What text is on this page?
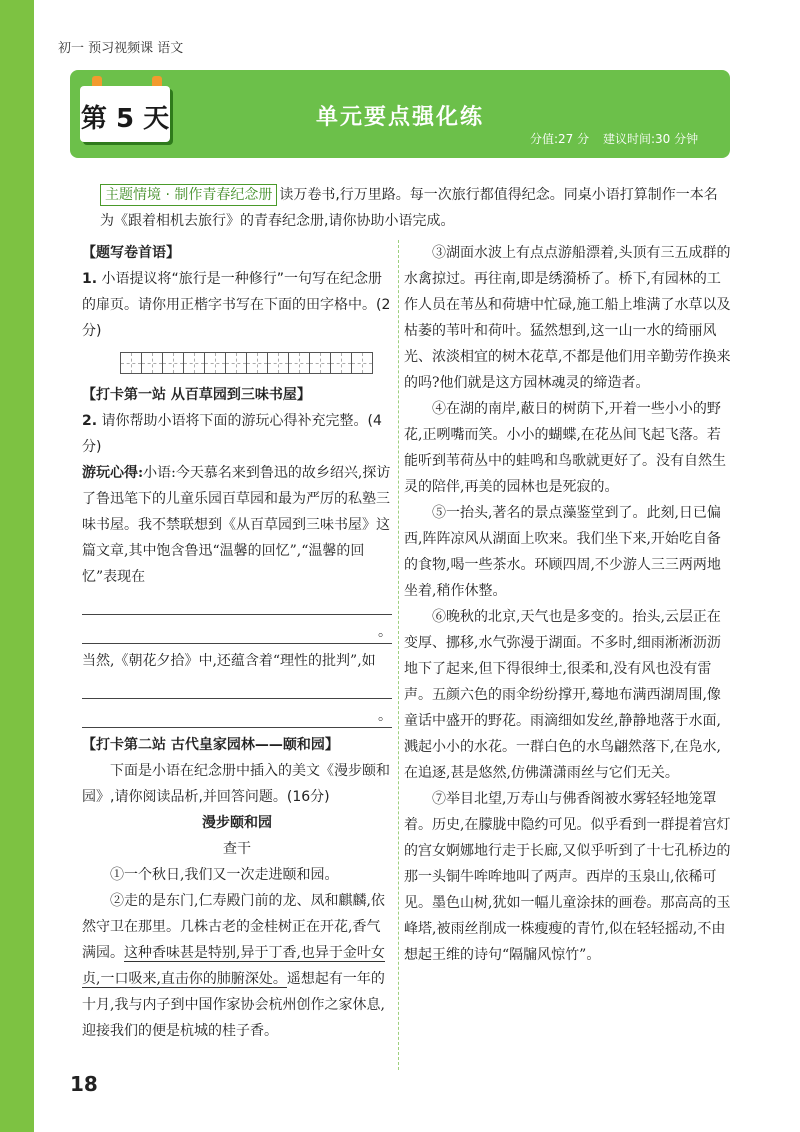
初一 预习视频课 语文
第 5 天	单元要点强化练
分值:27 分 建议时间:30 分钟
主题情境 · 制作青春纪念册 读万卷书,行万里路。每一次旅行都值得纪念。同桌小语打算制作一本名为《跟着相机去旅行》的青春纪念册,请你协助小语完成。

【题写卷首语】

1. 小语提议将“旅行是一种修行”一句写在纪念册的扉页。请你用正楷字书写在下面的田字格中。(2分)

【打卡第一站 从百草园到三味书屋】

2. 请你帮助小语将下面的游玩心得补充完整。(4分)

游玩心得:小语:今天慕名来到鲁迅的故乡绍兴,探访了鲁迅笔下的儿童乐园百草园和最为严厉的私塾三味书屋。我不禁联想到《从百草园到三味书屋》这篇文章,其中饱含鲁迅“温馨的回忆”,“温馨的回忆”表现在

。

当然,《朝花夕拾》中,还蕴含着“理性的批判”,如

。

【打卡第二站 古代皇家园林——颐和园】

下面是小语在纪念册中插入的美文《漫步颐和园》,请你阅读品析,并回答问题。(16分)

漫步颐和园

查干

①一个秋日,我们又一次走进颐和园。

②走的是东门,仁寿殿门前的龙、凤和麒麟,依然守卫在那里。几株古老的金桂树正在开花,香气满园。这种香味甚是特别,异于丁香,也异于金叶女贞,一口吸来,直击你的肺腑深处。遥想起有一年的十月,我与内子到中国作家协会杭州创作之家休息,迎接我们的便是杭城的桂子香。

③湖面水波上有点点游船漂着,头顶有三五成群的水禽掠过。再往南,即是绣漪桥了。桥下,有园林的工作人员在苇丛和荷塘中忙碌,施工船上堆满了水草以及枯萎的苇叶和荷叶。猛然想到,这一山一水的绮丽风光、浓淡相宜的树木花草,不都是他们用辛勤劳作换来的吗?他们就是这方园林魂灵的缔造者。

④在湖的南岸,蔽日的树荫下,开着一些小小的野花,正咧嘴而笑。小小的蝴蝶,在花丛间飞起飞落。若能听到苇荷丛中的蛙鸣和鸟歌就更好了。没有自然生灵的陪伴,再美的园林也是死寂的。

⑤一抬头,著名的景点藻鉴堂到了。此刻,日已偏西,阵阵凉风从湖面上吹来。我们坐下来,开始吃自备的食物,喝一些茶水。环顾四周,不少游人三三两两地坐着,稍作休整。

⑥晚秋的北京,天气也是多变的。抬头,云层正在变厚、挪移,水气弥漫于湖面。不多时,细雨淅淅沥沥地下了起来,但下得很绅士,很柔和,没有风也没有雷声。五颜六色的雨伞纷纷撑开,蓦地布满西湖周围,像童话中盛开的野花。雨滴细如发丝,静静地落于水面,溅起小小的水花。一群白色的水鸟翩然落下,在凫水,在追逐,甚是悠然,仿佛潇潇雨丝与它们无关。

⑦举目北望,万寿山与佛香阁被水雾轻轻地笼罩着。历史,在朦胧中隐约可见。似乎看到一群提着宫灯的宫女婀娜地行走于长廊,又似乎听到了十七孔桥边的那一头铜牛哞哞地叫了两声。西岸的玉泉山,依稀可见。墨色山树,犹如一幅儿童涂抹的画卷。那高高的玉峰塔,被雨丝削成一株瘦瘦的青竹,似在轻轻摇动,不由想起王维的诗句“隔牖风惊竹”。

18
